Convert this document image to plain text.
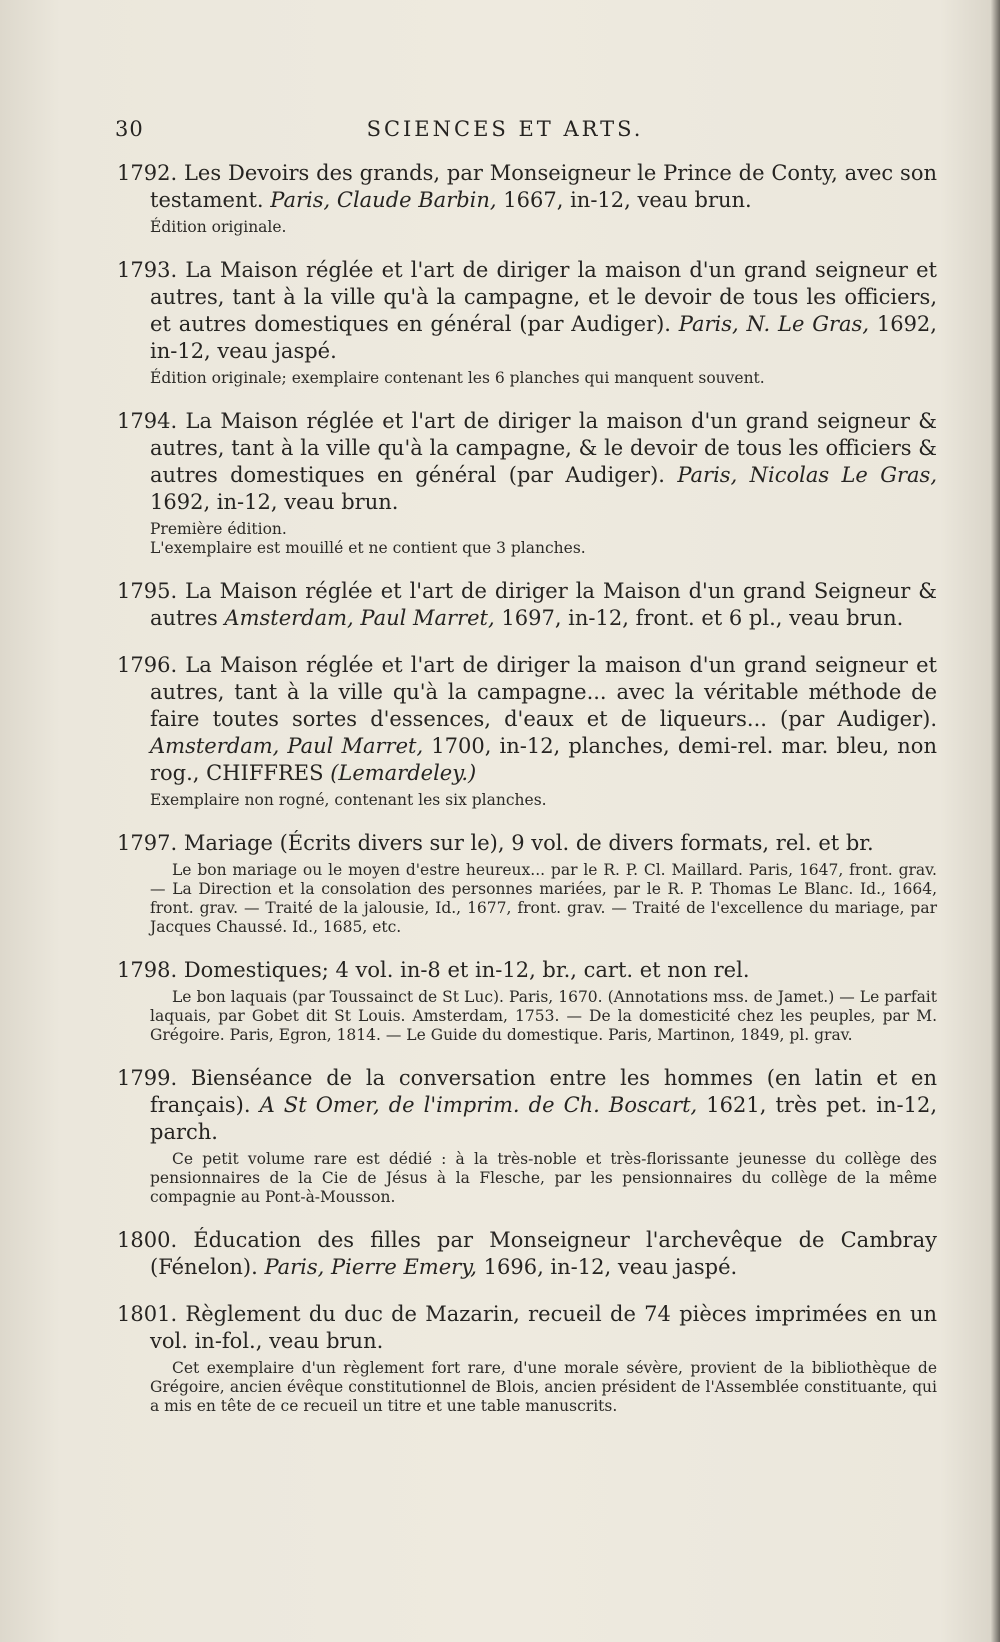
SCIENCES ET ARTS.
30
1792. Les Devoirs des grands, par Monseigneur le Prince de Conty, avec son testament. Paris, Claude Barbin, 1667, in-12, veau brun.

Édition originale.

1793. La Maison réglée et l'art de diriger la maison d'un grand seigneur et autres, tant à la ville qu'à la campagne, et le devoir de tous les officiers, et autres domestiques en général (par Audiger). Paris, N. Le Gras, 1692, in-12, veau jaspé.

Édition originale; exemplaire contenant les 6 planches qui manquent souvent.

1794. La Maison réglée et l'art de diriger la maison d'un grand seigneur & autres, tant à la ville qu'à la campagne, & le devoir de tous les officiers & autres domestiques en général (par Audiger). Paris, Nicolas Le Gras, 1692, in-12, veau brun.

Première édition.

L'exemplaire est mouillé et ne contient que 3 planches.

1795. La Maison réglée et l'art de diriger la Maison d'un grand Seigneur & autres Amsterdam, Paul Marret, 1697, in-12, front. et 6 pl., veau brun.
1796. La Maison réglée et l'art de diriger la maison d'un grand seigneur et autres, tant à la ville qu'à la campagne... avec la véritable méthode de faire toutes sortes d'essences, d'eaux et de liqueurs... (par Audiger). Amsterdam, Paul Marret, 1700, in-12, planches, demi-rel. mar. bleu, non rog., CHIFFRES (Lemardeley.)

Exemplaire non rogné, contenant les six planches.

1797. Mariage (Écrits divers sur le), 9 vol. de divers formats, rel. et br.

Le bon mariage ou le moyen d'estre heureux... par le R. P. Cl. Maillard. Paris, 1647, front. grav. — La Direction et la consolation des personnes mariées, par le R. P. Thomas Le Blanc. Id., 1664, front. grav. — Traité de la jalousie, Id., 1677, front. grav. — Traité de l'excellence du mariage, par Jacques Chaussé. Id., 1685, etc.

1798. Domestiques; 4 vol. in-8 et in-12, br., cart. et non rel.

Le bon laquais (par Toussainct de St Luc). Paris, 1670. (Annotations mss. de Jamet.) — Le parfait laquais, par Gobet dit St Louis. Amsterdam, 1753. — De la domesticité chez les peuples, par M. Grégoire. Paris, Egron, 1814. — Le Guide du domestique. Paris, Martinon, 1849, pl. grav.

1799. Bienséance de la conversation entre les hommes (en latin et en français). A St Omer, de l'imprim. de Ch. Boscart, 1621, très pet. in-12, parch.

Ce petit volume rare est dédié : à la très-noble et très-florissante jeunesse du collège des pensionnaires de la Cie de Jésus à la Flesche, par les pensionnaires du collège de la même compagnie au Pont-à-Mousson.

1800. Éducation des filles par Monseigneur l'archevêque de Cambray (Fénelon). Paris, Pierre Emery, 1696, in-12, veau jaspé.
1801. Règlement du duc de Mazarin, recueil de 74 pièces imprimées en un vol. in-fol., veau brun.

Cet exemplaire d'un règlement fort rare, d'une morale sévère, provient de la bibliothèque de Grégoire, ancien évêque constitutionnel de Blois, ancien président de l'Assemblée constituante, qui a mis en tête de ce recueil un titre et une table manuscrits.
